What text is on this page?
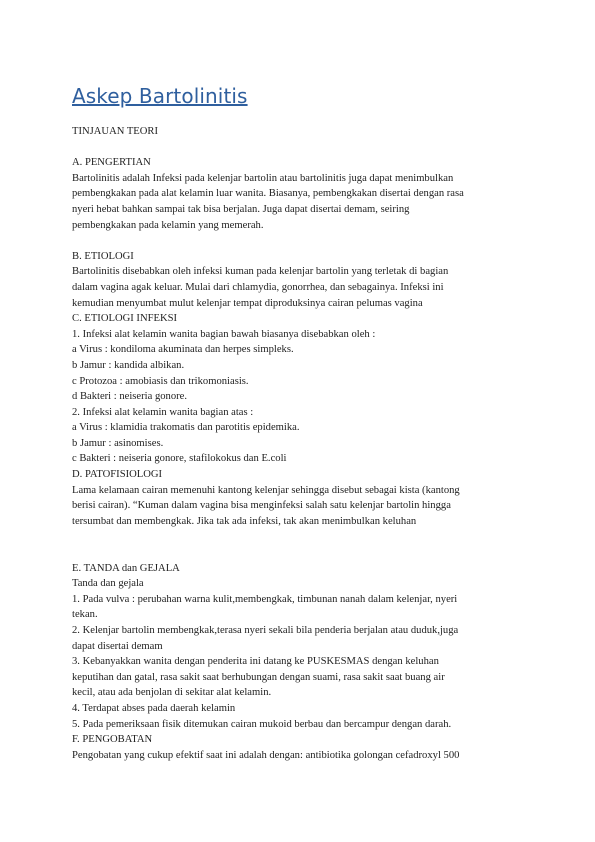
Askep Bartolinitis
TINJAUAN TEORI
A. PENGERTIAN
Bartolinitis adalah Infeksi pada kelenjar bartolin atau bartolinitis juga dapat menimbulkan
pembengkakan pada alat kelamin luar wanita. Biasanya, pembengkakan disertai dengan rasa
nyeri hebat bahkan sampai tak bisa berjalan. Juga dapat disertai demam, seiring
pembengkakan pada kelamin yang memerah.
B. ETIOLOGI
Bartolinitis disebabkan oleh infeksi kuman pada kelenjar bartolin yang terletak di bagian
dalam vagina agak keluar. Mulai dari chlamydia, gonorrhea, dan sebagainya. Infeksi ini
kemudian menyumbat mulut kelenjar tempat diproduksinya cairan pelumas vagina
C. ETIOLOGI INFEKSI
1. Infeksi alat kelamin wanita bagian bawah biasanya disebabkan oleh :
a Virus : kondiloma akuminata dan herpes simpleks.
b Jamur : kandida albikan.
c Protozoa : amobiasis dan trikomoniasis.
d Bakteri : neiseria gonore.
2. Infeksi alat kelamin wanita bagian atas :
a Virus : klamidia trakomatis dan parotitis epidemika.
b Jamur : asinomises.
c Bakteri : neiseria gonore, stafilokokus dan E.coli
D. PATOFISIOLOGI
Lama kelamaan cairan memenuhi kantong kelenjar sehingga disebut sebagai kista (kantong
berisi cairan). “Kuman dalam vagina bisa menginfeksi salah satu kelenjar bartolin hingga
tersumbat dan membengkak. Jika tak ada infeksi, tak akan menimbulkan keluhan
E. TANDA dan GEJALA
Tanda dan gejala
1. Pada vulva : perubahan warna kulit,membengkak, timbunan nanah dalam kelenjar, nyeri
tekan.
2. Kelenjar bartolin membengkak,terasa nyeri sekali bila penderia berjalan atau duduk,juga
dapat disertai demam
3. Kebanyakkan wanita dengan penderita ini datang ke PUSKESMAS dengan keluhan
keputihan dan gatal, rasa sakit saat berhubungan dengan suami, rasa sakit saat buang air
kecil, atau ada benjolan di sekitar alat kelamin.
4. Terdapat abses pada daerah kelamin
5. Pada pemeriksaan fisik ditemukan cairan mukoid berbau dan bercampur dengan darah.
F. PENGOBATAN
Pengobatan yang cukup efektif saat ini adalah dengan: antibiotika golongan cefadroxyl 500
